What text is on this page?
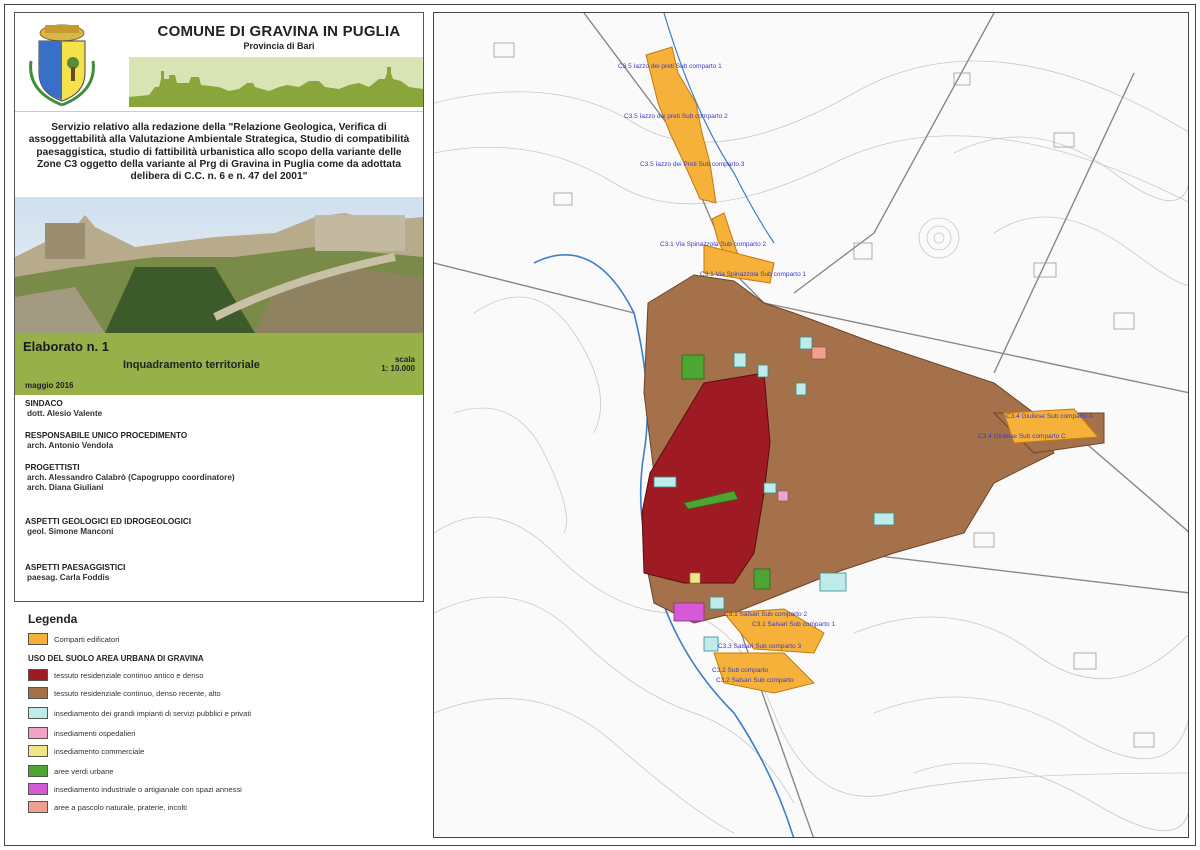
COMUNE DI GRAVINA IN PUGLIA
Provincia di Bari
Servizio relativo alla redazione della "Relazione Geologica, Verifica di assoggettabilità alla Valutazione Ambientale Strategica, Studio di compatibilità paesaggistica, studio di fattibilità urbanistica allo scopo della variante delle Zone C3 oggetto della variante al Prg di Gravina in Puglia come da adottata delibera di C.C. n. 6 e n. 47 del 2001"
Elaborato n. 1
Inquadramento territoriale
maggio 2016
scala
1: 10.000
SINDACO
dott. Alesio Valente
RESPONSABILE UNICO PROCEDIMENTO
arch. Antonio Vendola
PROGETTISTI
arch. Alessandro Calabrò (Capogruppo coordinatore)
arch. Diana Giuliani
ASPETTI GEOLOGICI ED IDROGEOLOGICI
geol. Simone Manconi
ASPETTI PAESAGGISTICI
paesag. Carla Foddis
Legenda
Comparti edificatori
USO DEL SUOLO AREA URBANA DI GRAVINA
tessuto residenziale continuo antico e denso
tessuto residenziale continuo, denso recente, alto
insediamento dei grandi impianti di servizi pubblici e privati
insediamenti ospedalieri
insediamento commerciale
aree verdi urbane
insediamento industriale o artigianale con spazi annessi
aree a pascolo naturale, praterie, incolti
C3.5 Iazzo dei preti Sub comparto 1
C3.5 Iazzo dei preti Sub comparto 2
C3.5 Iazzo dei Preti Sub comparto 3
C3.1 Via Spinazzola Sub comparto 2
C3.1 Via Spinazzola Sub comparto 1
C3.4 Giuliese Sub comparto A
C3.4 Giuliese Sub comparto C
C3.1 Salsari Sub comparto 2
C3.1 Salsari Sub comparto 1
C3.3 Salsari Sub comparto 3
C3.2 Sub comparto
C3.2 Salsari Sub comparto
